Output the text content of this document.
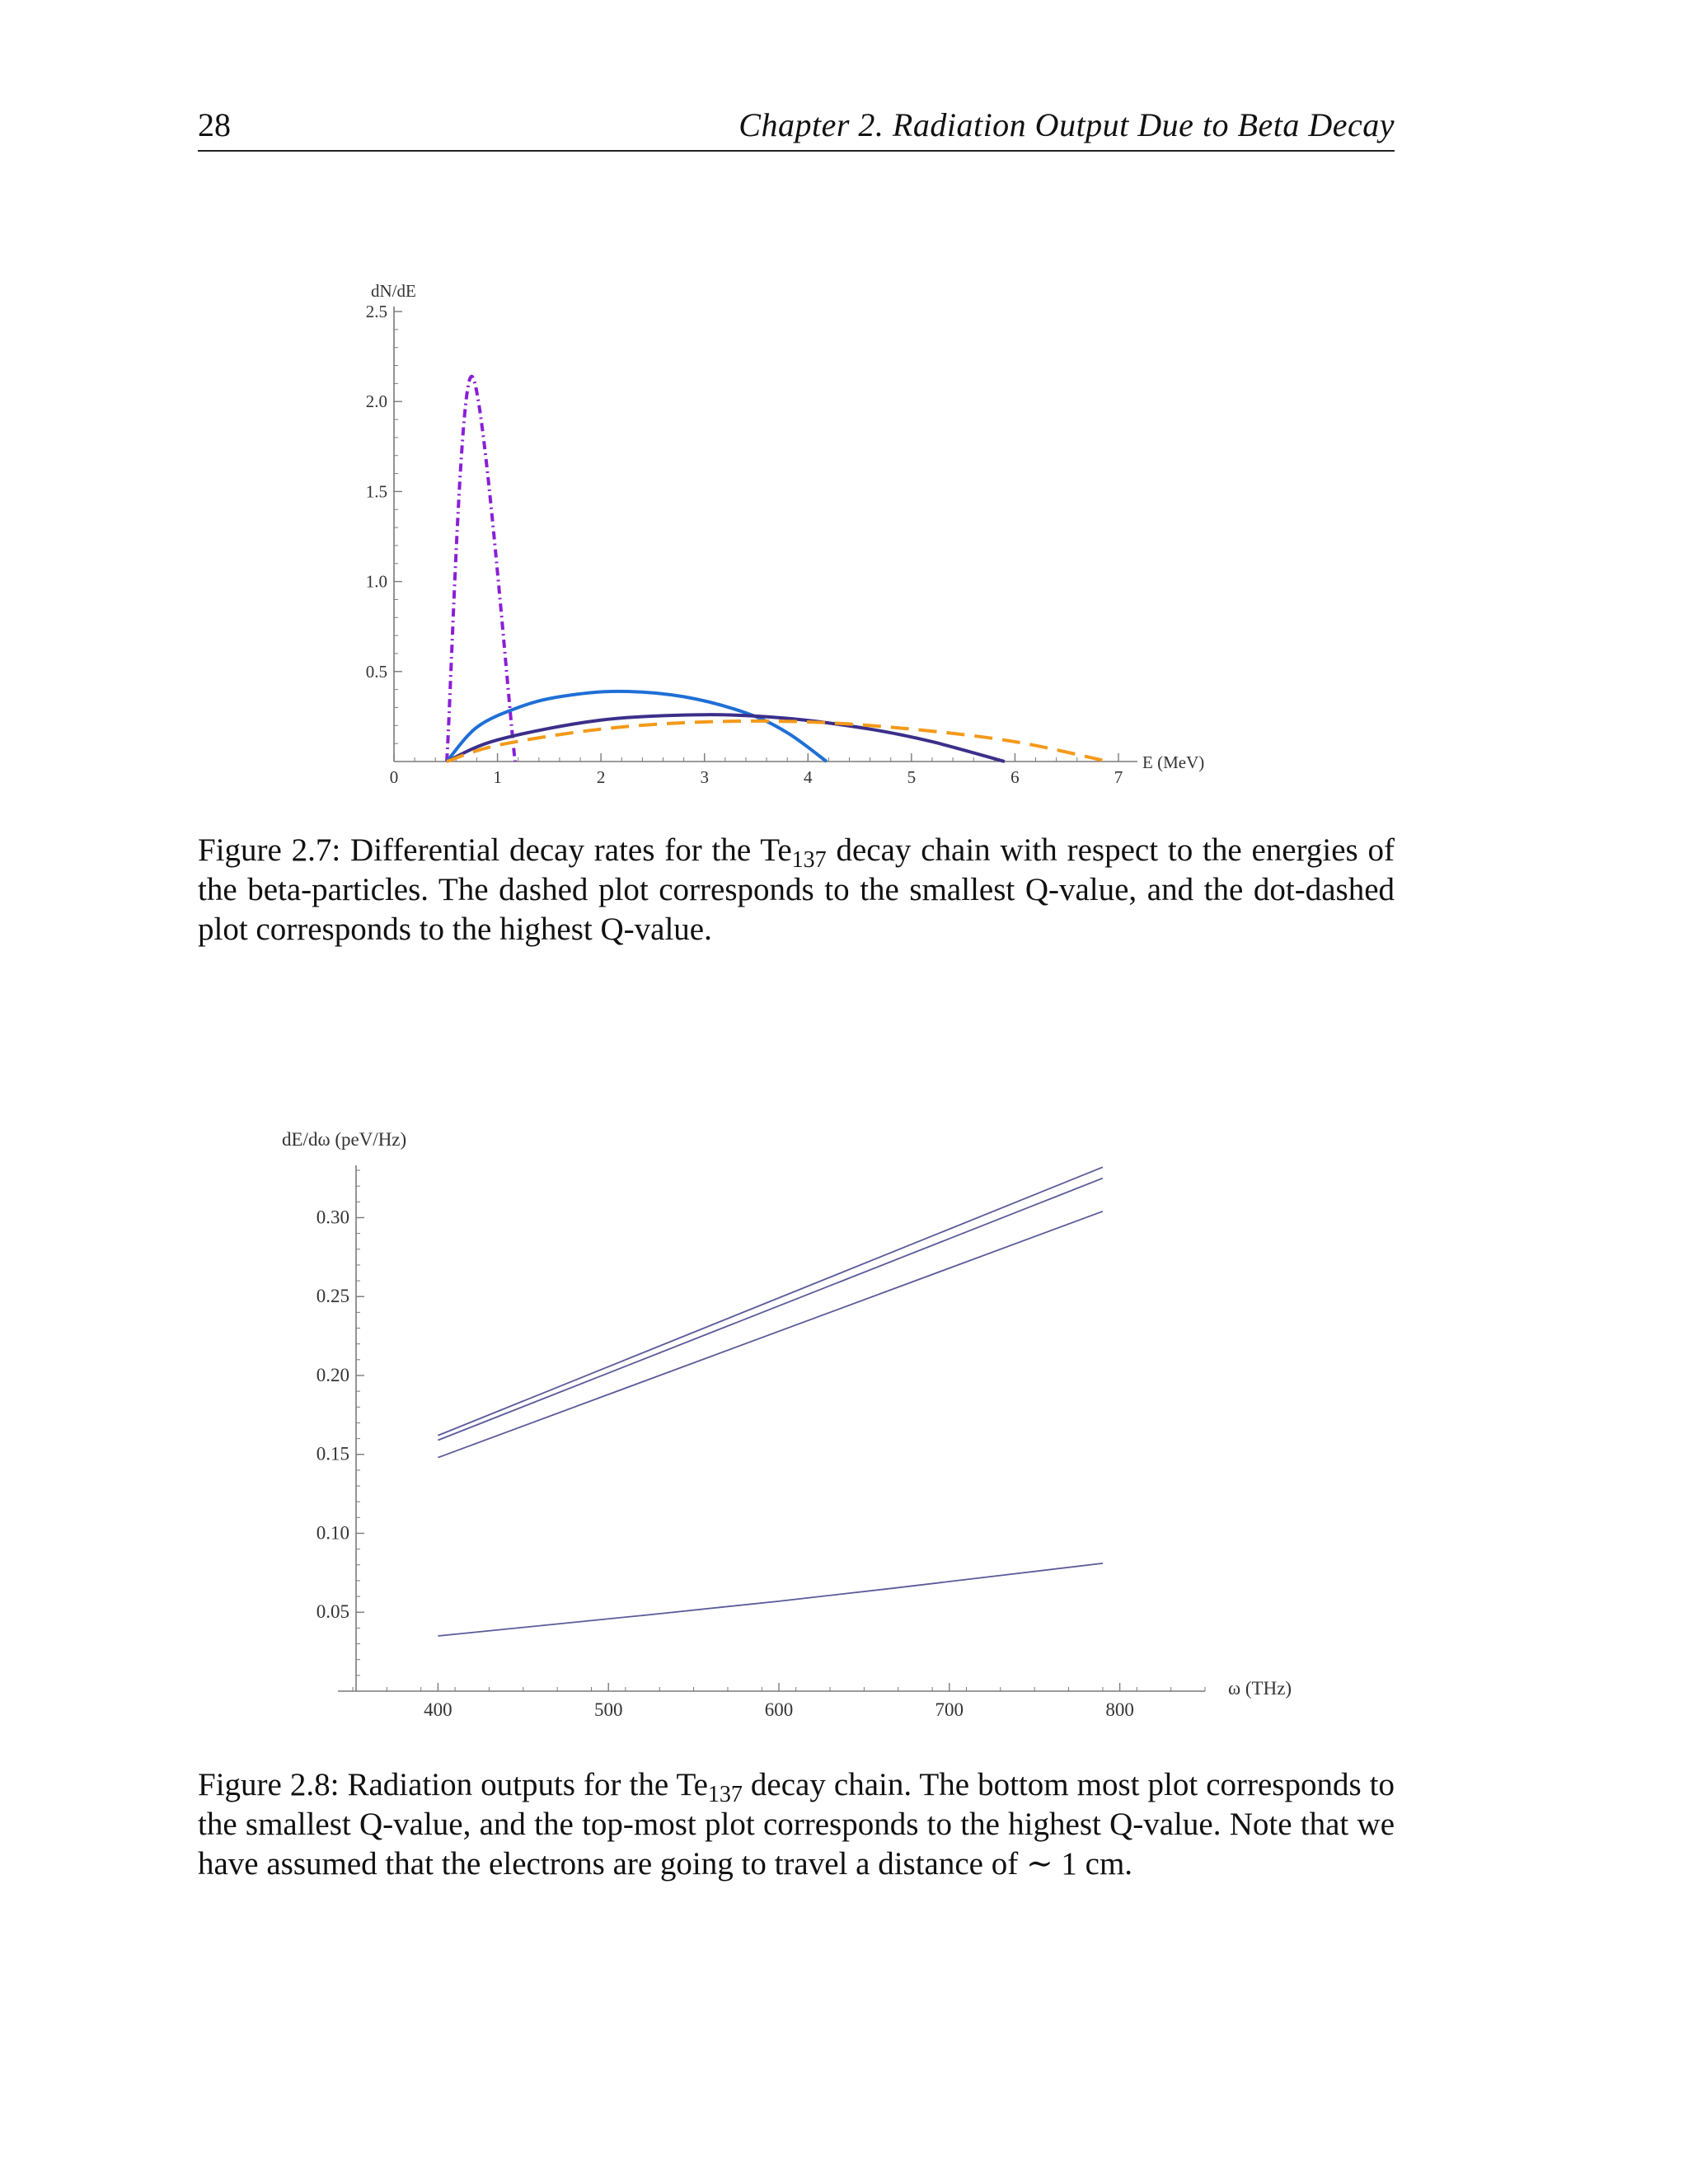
28	Chapter 2. Radiation Output Due to Beta Decay
0	1	2	3	4	5	6	7
0.5
1.0
1.5
2.0
2.5
dN/dE
E (MeV)
Figure 2.7: Differential decay rates for the $Te_{137}$ decay chain with respect to the energies of the beta-particles. The dashed plot corresponds to the smallest Q-value, and the dot-dashed plot corresponds to the highest Q-value.
400	500	600	700	800
0.05
0.10
0.15
0.20
0.25
0.30
dE/dω (peV/Hz)
ω (THz)
Figure 2.8: Radiation outputs for the $Te_{137}$ decay chain. The bottom most plot corresponds to the smallest Q-value, and the top-most plot corresponds to the highest Q-value. Note that we have assumed that the electrons are going to travel a distance of ∼ 1 cm.
